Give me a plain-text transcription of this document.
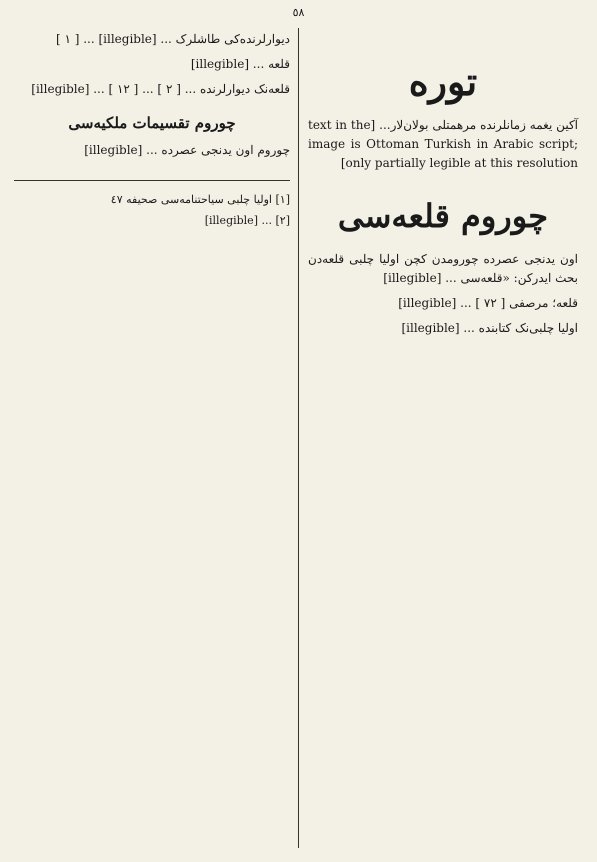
٥٨
توره

آکین یغمه زمانلرنده مرهمتلی بولان‌لار... [text in the image is Ottoman Turkish in Arabic script; only partially legible at this resolution]

چوروم قلعه‌سی

اون یدنجی عصرده چورومدن کچن اولیا چلبی قلعه‌دن بحث ایدرکن: «قلعه‌سی ... [illegible]

قلعه؛ مرصفی [ ٧٢ ] ... [illegible]

اولیا چلبی‌نک کتابنده ... [illegible]

دیوارلرنده‌کی طاشلرک ... [illegible] ... [ ١ ]

قلعه ... [illegible]

قلعه‌نک دیوارلرنده ... [ ٢ ] ... [ ١٢ ] ... [illegible]

چوروم تقسیمات ملکیه‌سی

چوروم اون یدنجی عصرده ... [illegible]

[١] اولیا چلبی سیاحتنامه‌سی صحیفه ٤٧

[٢] ... [illegible]
